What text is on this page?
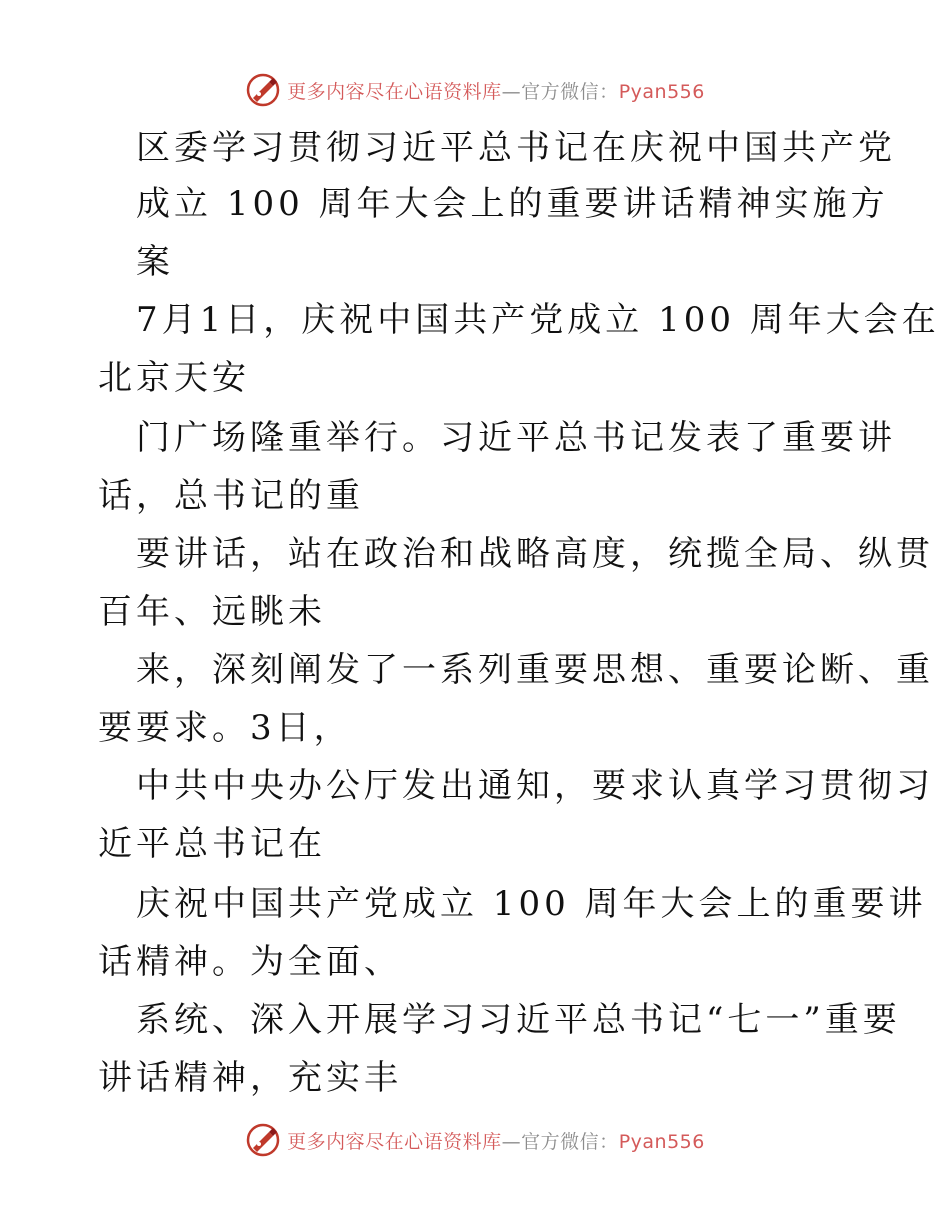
更多内容尽在心语资料库—官方微信：Pyan556
区委学习贯彻习近平总书记在庆祝中国共产党
成立 100 周年大会上的重要讲话精神实施方
案
7月1日，庆祝中国共产党成立 100 周年大会在
北京天安
门广场隆重举行。习近平总书记发表了重要讲
话，总书记的重
要讲话，站在政治和战略高度，统揽全局、纵贯
百年、远眺未
来，深刻阐发了一系列重要思想、重要论断、重
要要求。3日，
中共中央办公厅发出通知，要求认真学习贯彻习
近平总书记在
庆祝中国共产党成立 100 周年大会上的重要讲
话精神。为全面、
系统、深入开展学习习近平总书记“七一”重要
讲话精神，充实丰
更多内容尽在心语资料库—官方微信：Pyan556
